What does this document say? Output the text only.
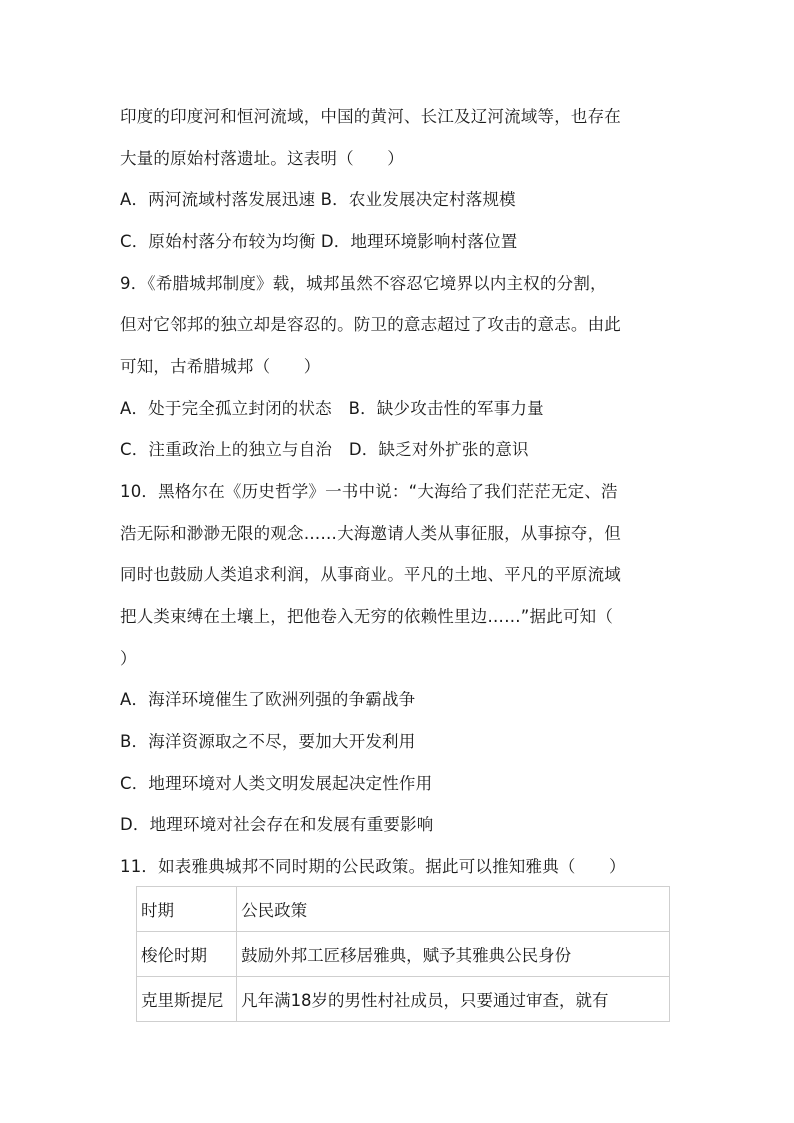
印度的印度河和恒河流域，中国的黄河、长江及辽河流域等，也存在
大量的原始村落遗址。这表明（　　）
A．两河流域村落发展迅速 B．农业发展决定村落规模
C．原始村落分布较为均衡 D．地理环境影响村落位置
9．《希腊城邦制度》载，城邦虽然不容忍它境界以内主权的分割，
但对它邻邦的独立却是容忍的。防卫的意志超过了攻击的意志。由此
可知，古希腊城邦（　　）
A．处于完全孤立封闭的状态　B．缺少攻击性的军事力量
C．注重政治上的独立与自治　D．缺乏对外扩张的意识
10．黑格尔在《历史哲学》一书中说：“大海给了我们茫茫无定、浩
浩无际和渺渺无限的观念……大海邀请人类从事征服，从事掠夺，但
同时也鼓励人类追求利润，从事商业。平凡的土地、平凡的平原流域
把人类束缚在土壤上，把他卷入无穷的依赖性里边……”据此可知（
）
A．海洋环境催生了欧洲列强的争霸战争
B．海洋资源取之不尽，要加大开发利用
C．地理环境对人类文明发展起决定性作用
D．地理环境对社会存在和发展有重要影响
11．如表雅典城邦不同时期的公民政策。据此可以推知雅典（　　）
时期	公民政策
梭伦时期	鼓励外邦工匠移居雅典，赋予其雅典公民身份
克里斯提尼	凡年满18岁的男性村社成员，只要通过审查，就有
